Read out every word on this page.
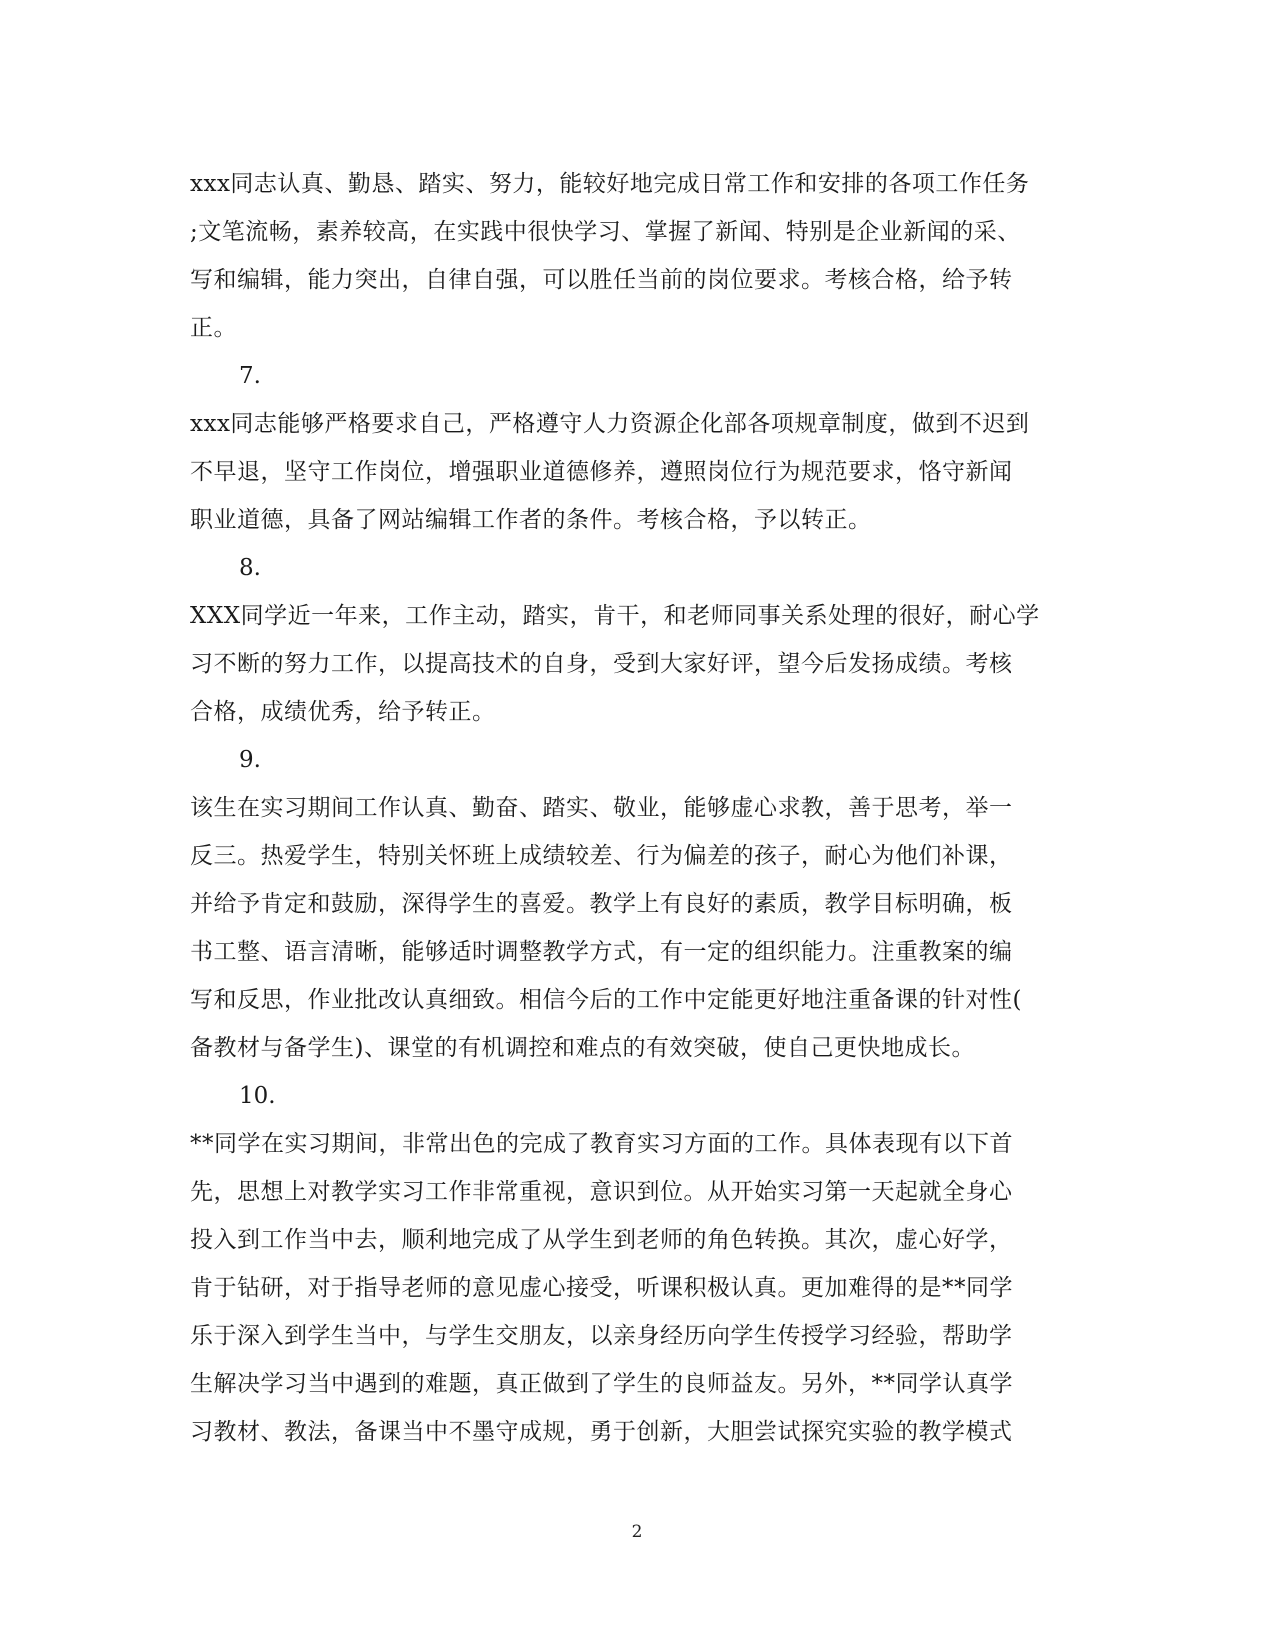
xxx同志认真、勤恳、踏实、努力，能较好地完成日常工作和安排的各项工作任务
;文笔流畅，素养较高，在实践中很快学习、掌握了新闻、特别是企业新闻的采、
写和编辑，能力突出，自律自强，可以胜任当前的岗位要求。考核合格，给予转
正。

7.

xxx同志能够严格要求自己，严格遵守人力资源企化部各项规章制度，做到不迟到
不早退，坚守工作岗位，增强职业道德修养，遵照岗位行为规范要求，恪守新闻
职业道德，具备了网站编辑工作者的条件。考核合格，予以转正。

8.

XXX同学近一年来，工作主动，踏实，肯干，和老师同事关系处理的很好，耐心学
习不断的努力工作，以提高技术的自身，受到大家好评，望今后发扬成绩。考核
合格，成绩优秀，给予转正。

9.

该生在实习期间工作认真、勤奋、踏实、敬业，能够虚心求教，善于思考，举一
反三。热爱学生，特别关怀班上成绩较差、行为偏差的孩子，耐心为他们补课，
并给予肯定和鼓励，深得学生的喜爱。教学上有良好的素质，教学目标明确，板
书工整、语言清晰，能够适时调整教学方式，有一定的组织能力。注重教案的编
写和反思，作业批改认真细致。相信今后的工作中定能更好地注重备课的针对性(
备教材与备学生)、课堂的有机调控和难点的有效突破，使自己更快地成长。

10.

**同学在实习期间，非常出色的完成了教育实习方面的工作。具体表现有以下首
先，思想上对教学实习工作非常重视，意识到位。从开始实习第一天起就全身心
投入到工作当中去，顺利地完成了从学生到老师的角色转换。其次，虚心好学，
肯于钻研，对于指导老师的意见虚心接受，听课积极认真。更加难得的是**同学
乐于深入到学生当中，与学生交朋友，以亲身经历向学生传授学习经验，帮助学
生解决学习当中遇到的难题，真正做到了学生的良师益友。另外，**同学认真学
习教材、教法，备课当中不墨守成规，勇于创新，大胆尝试探究实验的教学模式

2
